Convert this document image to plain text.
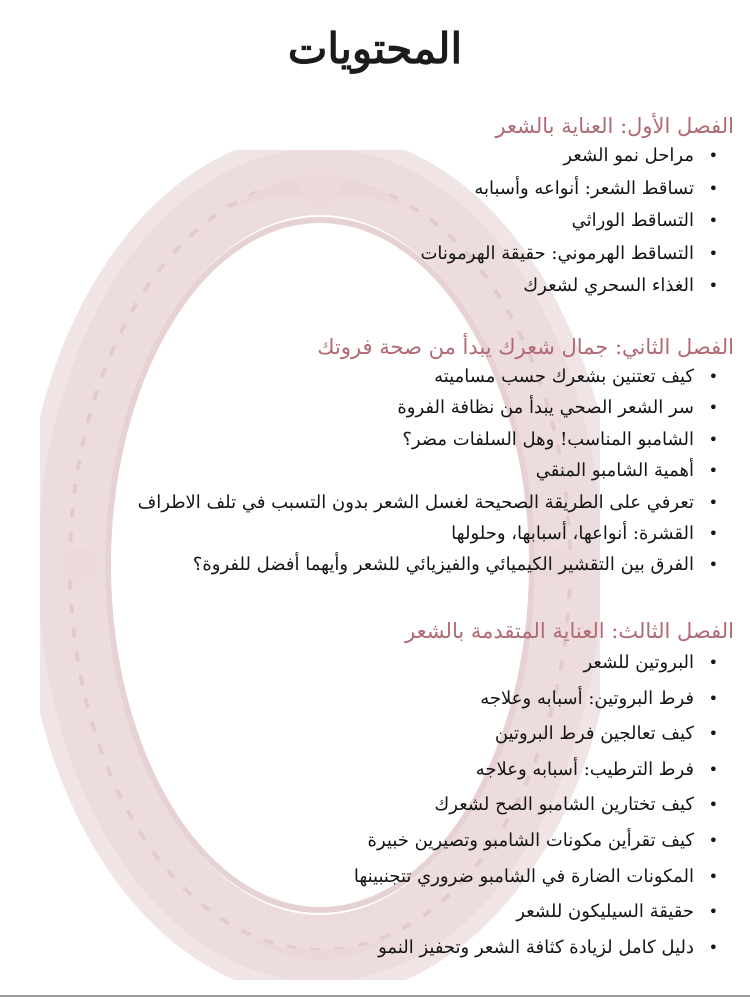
المحتويات
الفصل الأول: العناية بالشعر
• مراحل نمو الشعر
• تساقط الشعر: أنواعه وأسبابه
• التساقط الوراثي
• التساقط الهرموني: حقيقة الهرمونات
• الغذاء السحري لشعرك
الفصل الثاني: جمال شعرك يبدأ من صحة فروتك
• كيف تعتنين بشعرك حسب مساميته
• سر الشعر الصحي يبدأ من نظافة الفروة
• الشامبو المناسب! وهل السلفات مضر؟
• أهمية الشامبو المنقي
• تعرفي على الطريقة الصحيحة لغسل الشعر بدون التسبب في تلف الاطراف
• القشرة: أنواعها، أسبابها، وحلولها
• الفرق بين التقشير الكيميائي والفيزيائي للشعر وأيهما أفضل للفروة؟
الفصل الثالث: العناية المتقدمة بالشعر
• البروتين للشعر
• فرط البروتين: أسبابه وعلاجه
• كيف تعالجين فرط البروتين
• فرط الترطيب: أسبابه وعلاجه
• كيف تختارين الشامبو الصح لشعرك
• كيف تقرأين مكونات الشامبو وتصيرين خبيرة
• المكونات الضارة في الشامبو ضروري تتجنبينها
• حقيقة السيليكون للشعر
• دليل كامل لزيادة كثافة الشعر وتحفيز النمو
